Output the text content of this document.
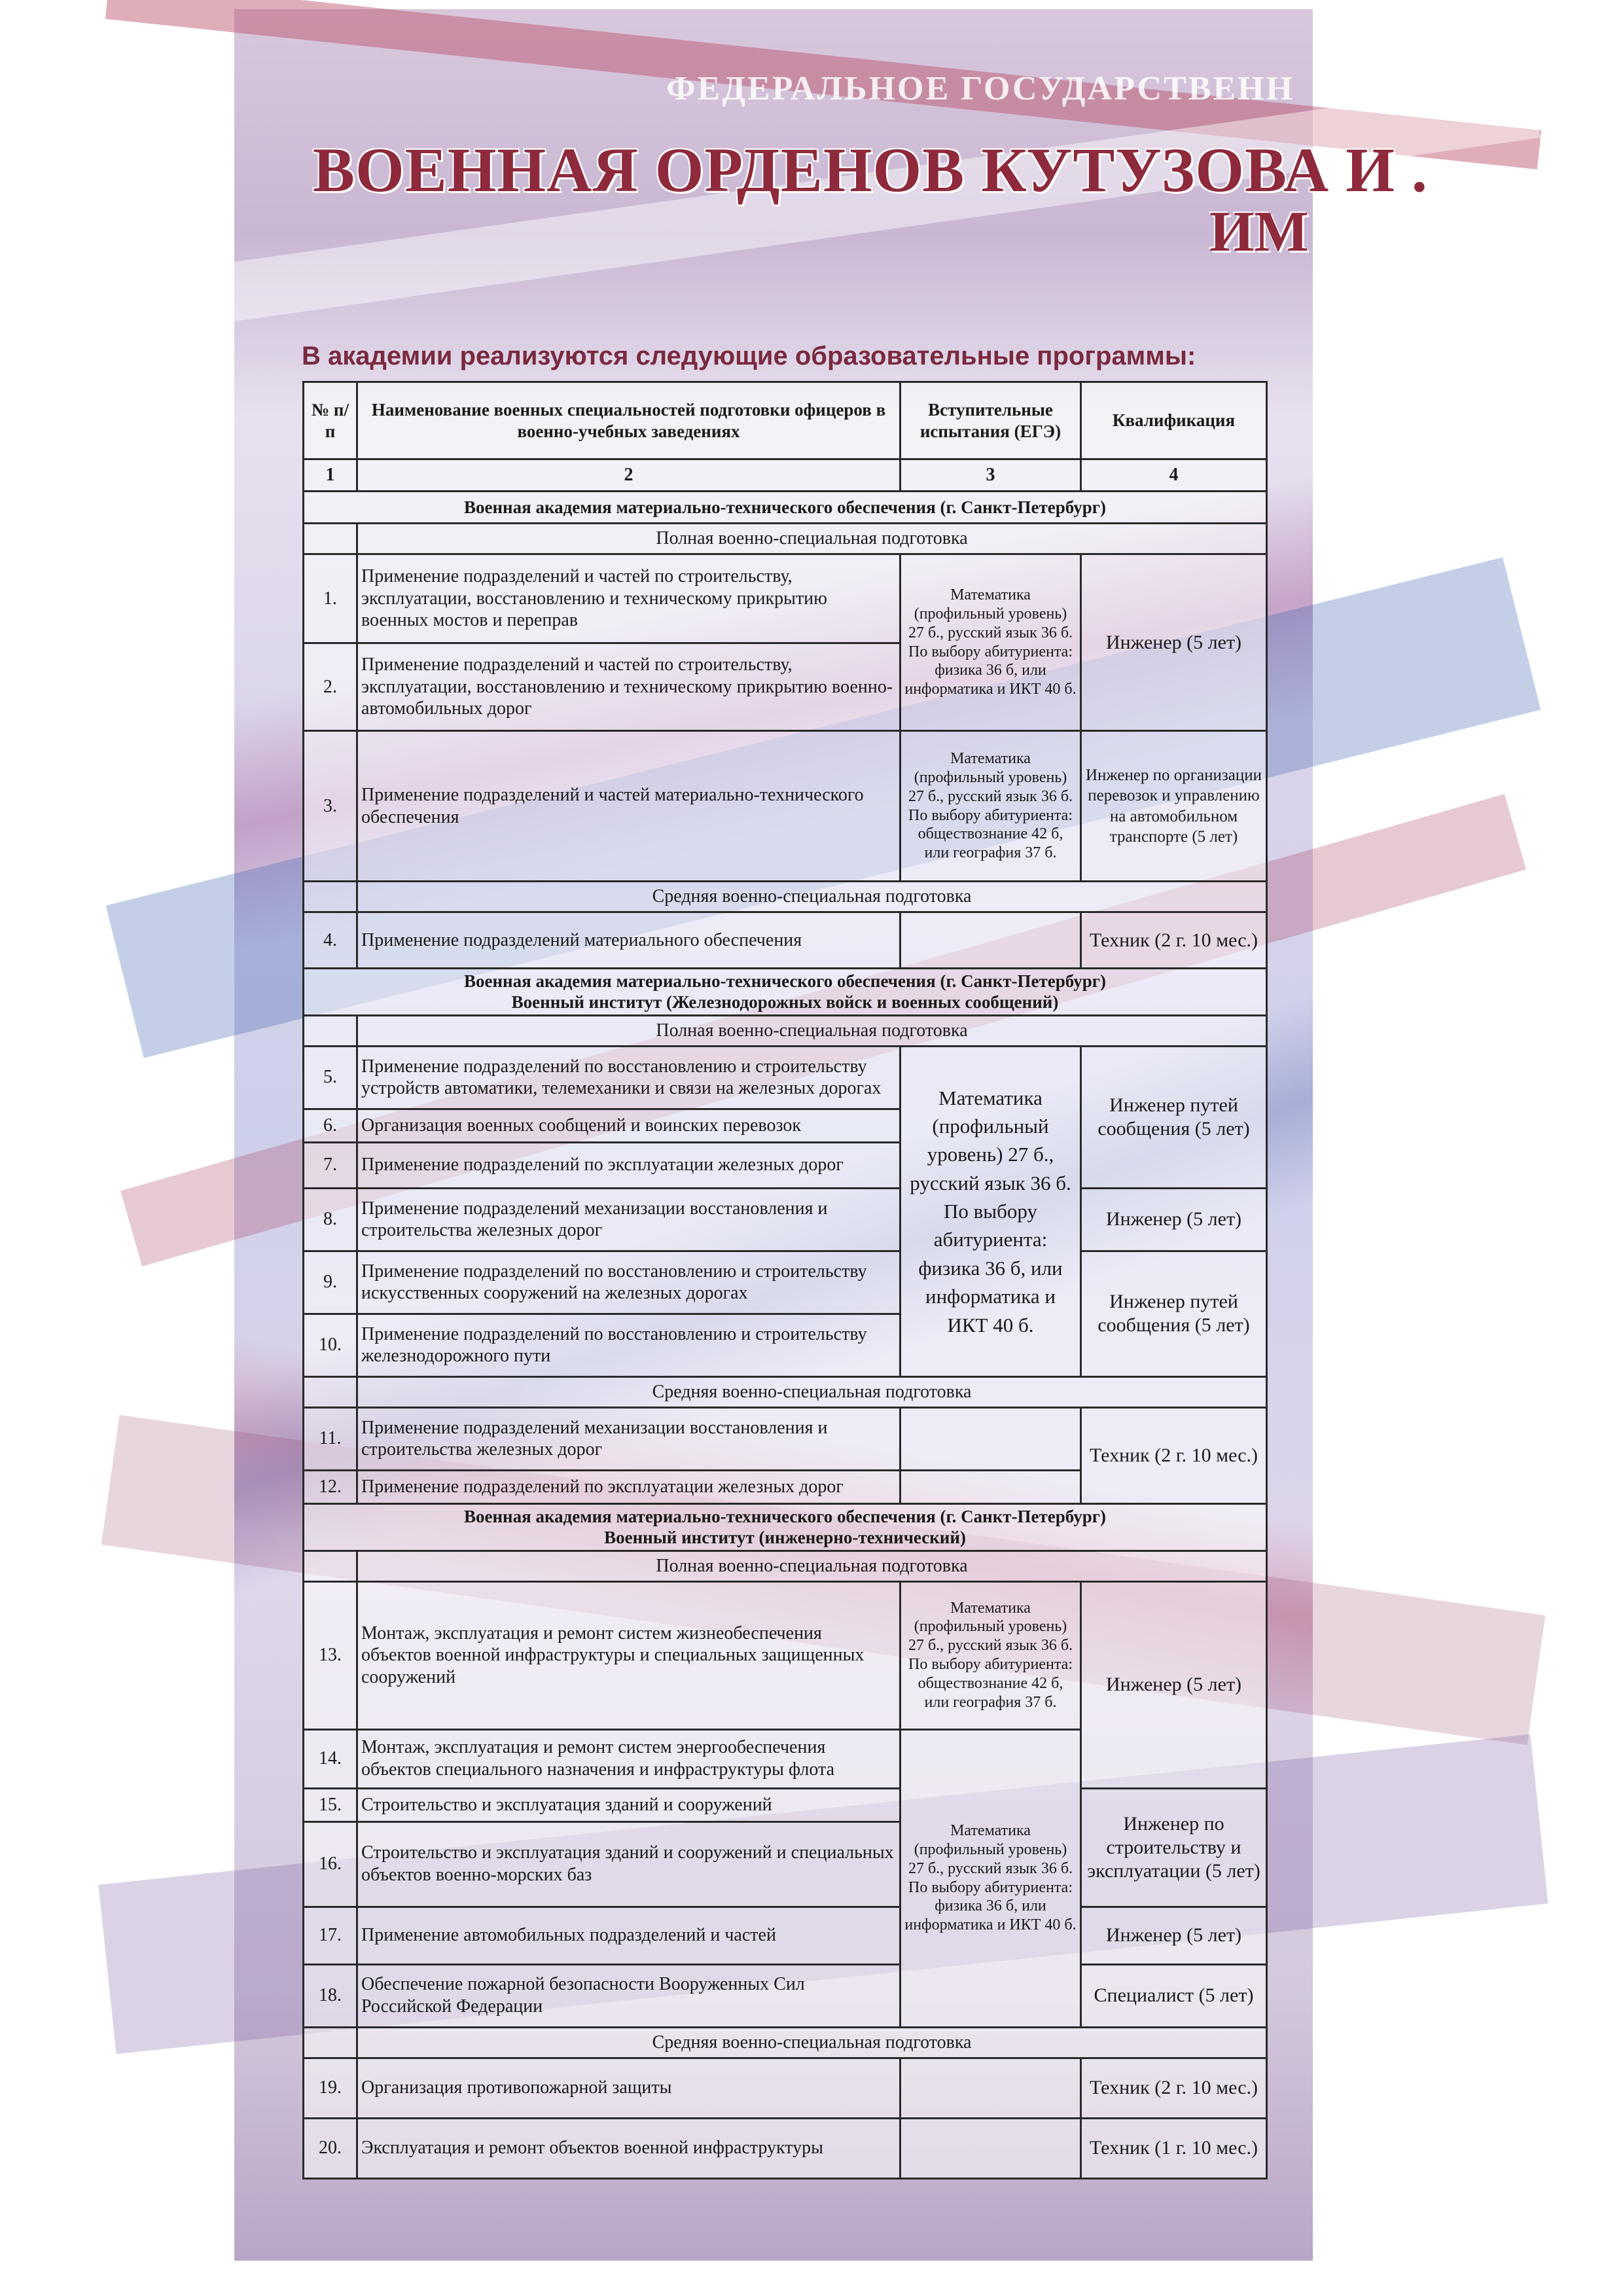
ФЕДЕРАЛЬНОЕ ГОСУДАРСТВЕНН
ВОЕННАЯ ОРДЕНОВ КУТУЗОВА И .
ИМ
В академии реализуются следующие образовательные программы:
№ п/п	Наименование военных специальностей подготовки офицеров в военно-учебных заведениях	Вступительные испытания (ЕГЭ)	Квалификация
1	2	3	4
Военная академия материально-технического обеспечения (г. Санкт-Петербург)			
	Полная военно-специальная подготовка		
1.	Применение подразделений и частей по строительству, эксплуатации, восстановлению и техническому прикрытию военных мостов и переправ	Математика (профильный уровень) 27 б., русский язык 36 б. По выбору абитуриента: физика 36 б, или информатика и ИКТ 40 б.	Инженер (5 лет)
2.	Применение подразделений и частей по строительству, эксплуатации, восстановлению и техническому прикрытию военно-автомобильных дорог		
3.	Применение подразделений и частей материально-технического обеспечения	Математика (профильный уровень) 27 б., русский язык 36 б. По выбору абитуриента: обществознание 42 б, или география 37 б.	Инженер по организации перевозок и управлению на автомобильном транспорте (5 лет)
	Средняя военно-специальная подготовка		
4.	Применение подразделений материального обеспечения		Техник (2 г. 10 мес.)

Военная академия материально-технического обеспечения (г. Санкт-Петербург)
Военный институт (Железнодорожных войск и военных сообщений)			

	Полная военно-специальная подготовка		
5.	Применение подразделений по восстановлению и строительству устройств автоматики, телемеханики и связи на железных дорогах	Математика (профильный уровень) 27 б., русский язык 36 б. По выбору абитуриента: физика 36 б, или информатика и ИКТ 40 б.	Инженер путей сообщения (5 лет)
6.	Организация военных сообщений и воинских перевозок		
7.	Применение подразделений по эксплуатации железных дорог		
8.	Применение подразделений механизации восстановления и строительства железных дорог		Инженер (5 лет)
9.	Применение подразделений по восстановлению и строительству искусственных сооружений на железных дорогах		Инженер путей сообщения (5 лет)
10.	Применение подразделений по восстановлению и строительству железнодорожного пути		
	Средняя военно-специальная подготовка		
11.	Применение подразделений механизации восстановления и строительства железных дорог		Техник (2 г. 10 мес.)
12.	Применение подразделений по эксплуатации железных дорог		

Военная академия материально-технического обеспечения (г. Санкт-Петербург)
Военный институт (инженерно-технический)			

	Полная военно-специальная подготовка		
13.	Монтаж, эксплуатация и ремонт систем жизнеобеспечения объектов военной инфраструктуры и специальных защищенных сооружений	Математика (профильный уровень) 27 б., русский язык 36 б. По выбору абитуриента: обществознание 42 б, или география 37 б.	Инженер (5 лет)
14.	Монтаж, эксплуатация и ремонт систем энергообеспечения объектов специального назначения и инфраструктуры флота	Математика (профильный уровень) 27 б., русский язык 36 б. По выбору абитуриента: физика 36 б, или информатика и ИКТ 40 б.	
15.	Строительство и эксплуатация зданий и сооружений		Инженер по строительству и эксплуатации (5 лет)
16.	Строительство и эксплуатация зданий и сооружений и специальных объектов военно-морских баз		
17.	Применение автомобильных подразделений и частей		Инженер (5 лет)
18.	Обеспечение пожарной безопасности Вооруженных Сил Российской Федерации		Специалист (5 лет)
	Средняя военно-специальная подготовка		
19.	Организация противопожарной защиты		Техник (2 г. 10 мес.)
20.	Эксплуатация и ремонт объектов военной инфраструктуры		Техник (1 г. 10 мес.)
